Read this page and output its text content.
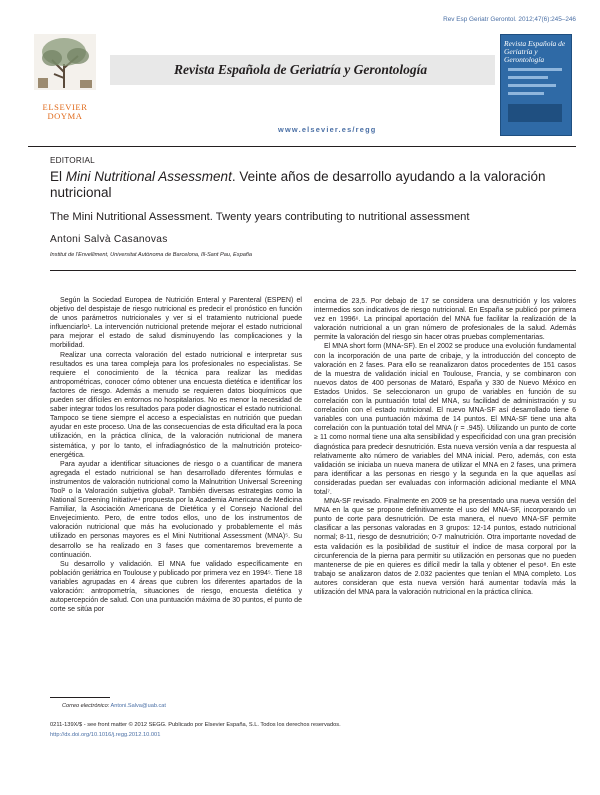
Rev Esp Geriatr Gerontol. 2012;47(6):245–246
ELSEVIER
DOYMA
Revista Española de Geriatría y Gerontología
www.elsevier.es/regg
Revista Española de
Geriatría y
Gerontología
EDITORIAL
El Mini Nutritional Assessment. Veinte años de desarrollo ayudando a la valoración nutricional
The Mini Nutritional Assessment. Twenty years contributing to nutritional assessment
Antoni Salvà Casanovas
Institut de l'Envelliment, Universitat Autònoma de Barcelona, Ill-Sant Pau, España

Según la Sociedad Europea de Nutrición Enteral y Parenteral (ESPEN) el objetivo del despistaje de riesgo nutricional es predecir el pronóstico en función de unos parámetros nutricionales y ver si el tratamiento nutricional puede influenciarlo¹. La intervención nutricional pretende mejorar el estado nutricional para mejorar el estado de salud disminuyendo las complicaciones y la morbilidad.

Realizar una correcta valoración del estado nutricional e interpretar sus resultados es una tarea compleja para los profesionales no especialistas. Se requiere el conocimiento de la técnica para realizar las medidas antropométricas, conocer cómo obtener una encuesta dietética e identificar los factores de riesgo. Además a menudo se requieren datos bioquímicos que pueden ser difíciles en entornos no hospitalarios. No es menor la necesidad de saber integrar todos los resultados para poder diagnosticar el estado nutricional. Tampoco se tiene siempre el acceso a especialistas en nutrición que puedan ayudar en este proceso. Una de las consecuencias de esta dificultad era la poca utilización, en la práctica clínica, de la valoración nutricional de manera sistemática, y por lo tanto, el infradiagnóstico de la malnutrición proteico-energética.

Para ayudar a identificar situaciones de riesgo o a cuantificar de manera agregada el estado nutricional se han desarrollado diferentes fórmulas e instrumentos de valoración nutricional como la Malnutrition Universal Screening Tool² o la Valoración subjetiva global³. También diversas estrategias como la National Screening Initiative⁴ propuesta por la Academia Americana de Medicina Familiar, la Asociación Americana de Dietética y el Consejo Nacional del Envejecimiento. Pero, de entre todos ellos, uno de los instrumentos de valoración nutricional que más ha evolucionado y probablemente el más utilizado en personas mayores es el Mini Nutritional Assessment (MNA)⁵. Su desarrollo se ha realizado en 3 fases que comentaremos brevemente a continuación.

Su desarrollo y validación. El MNA fue validado específicamente en población geriátrica en Toulouse y publicado por primera vez en 1994⁵. Tiene 18 variables agrupadas en 4 áreas que cubren los diferentes apartados de la valoración: antropometría, situaciones de riesgo, encuesta dietética y autopercepción de salud. Con una puntuación máxima de 30 puntos, el punto de corte se sitúa por

encima de 23,5. Por debajo de 17 se considera una desnutrición y los valores intermedios son indicativos de riesgo nutricional. En España se publicó por primera vez en 1996⁶. La principal aportación del MNA fue facilitar la realización de la valoración nutricional a un gran número de profesionales de la salud. Además permite la valoración del riesgo sin hacer otras pruebas complementarias.

El MNA short form (MNA-SF). En el 2002 se produce una evolución fundamental con la incorporación de una parte de cribaje, y la introducción del concepto de valoración en 2 fases. Para ello se reanalizaron datos procedentes de 151 casos de la muestra de validación inicial en Toulouse, Francia, y se combinaron con nuevos datos de 400 personas de Mataró, España y 330 de Nuevo México en Estados Unidos. Se seleccionaron un grupo de variables en función de su correlación con la puntuación total del MNA, su facilidad de administración y su correlación con el estado nutricional. El nuevo MNA-SF así desarrollado tiene 6 variables con una puntuación máxima de 14 puntos. El MNA-SF tiene una alta correlación con la puntuación total del MNA (r = .945). Utilizando un punto de corte ≥ 11 como normal tiene una alta sensibilidad y especificidad con una gran precisión diagnóstica para predecir desnutrición. Esta nueva versión venía a dar respuesta al relativamente alto número de variables del MNA inicial. Pero, además, con esta validación se iniciaba un nueva manera de utilizar el MNA en 2 fases, una primera para identificar a las personas en riesgo y la segunda en la que aquellas así consideradas puedan ser evaluadas con información adicional mediante el MNA total⁷.

MNA-SF revisado. Finalmente en 2009 se ha presentado una nueva versión del MNA en la que se propone definitivamente el uso del MNA-SF, incorporando un punto de corte para desnutrición. De esta manera, el nuevo MNA-SF permite clasificar a las personas valoradas en 3 grupos: 12-14 puntos, estado nutricional normal; 8-11, riesgo de desnutrición; 0-7 malnutrición. Otra importante novedad de esta validación es la posibilidad de sustituir el índice de masa corporal por la circunferencia de la pierna para permitir su utilización en personas que no pueden mantenerse de pie en quieres es difícil medir la talla y obtener el peso⁸. En este trabajo se analizaron datos de 2.032 pacientes que tenían el MNA completo. Los autores consideran que esta nueva versión hará aumentar todavía más la utilización del MNA para la valoración nutricional en la práctica clínica.

Correo electrónico: Antoni.Salva@uab.cat
0211-139X/$ - see front matter © 2012 SEGG. Publicado por Elsevier España, S.L. Todos los derechos reservados.
http://dx.doi.org/10.1016/j.regg.2012.10.001
